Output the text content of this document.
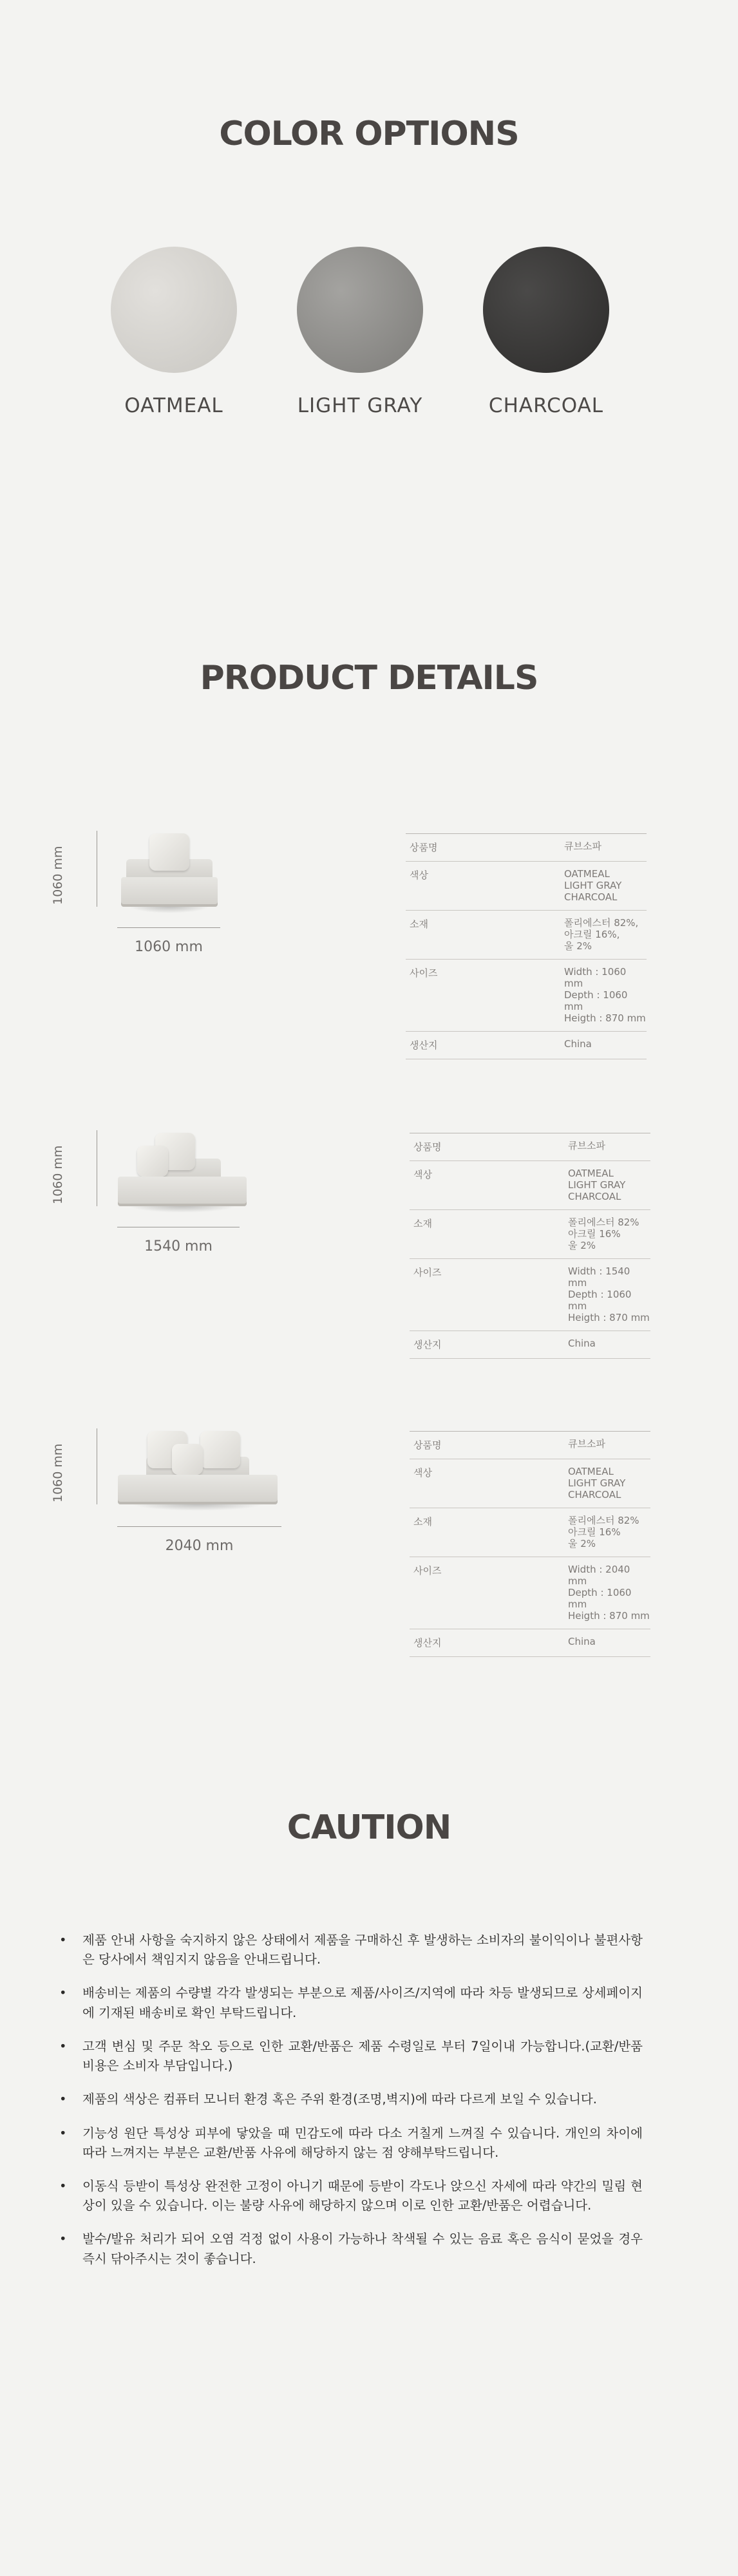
COLOR OPTIONS
OATMEAL	LIGHT GRAY	CHARCOAL
PRODUCT DETAILS
1060 mm
1060 mm
상품명	큐브소파
색상	OATMEAL
LIGHT GRAY
CHARCOAL
소재	폴리에스터 82%,
아크릴 16%,
울 2%
사이즈	Width : 1060 mm
Depth : 1060 mm
Heigth : 870 mm
생산지	China
1060 mm
1540 mm
상품명	큐브소파
색상	OATMEAL
LIGHT GRAY
CHARCOAL
소재	폴리에스터 82%
아크릴 16%
울 2%
사이즈	Width : 1540 mm
Depth : 1060 mm
Heigth : 870 mm
생산지	China
1060 mm
2040 mm
상품명	큐브소파
색상	OATMEAL
LIGHT GRAY
CHARCOAL
소재	폴리에스터 82%
아크릴 16%
울 2%
사이즈	Width : 2040 mm
Depth : 1060 mm
Heigth : 870 mm
생산지	China
CAUTION
• 제품 안내 사항을 숙지하지 않은 상태에서 제품을 구매하신 후 발생하는 소비자의 불이익이나 불편사항은 당사에서 책임지지 않음을 안내드립니다.
• 배송비는 제품의 수량별 각각 발생되는 부분으로 제품/사이즈/지역에 따라 차등 발생되므로 상세페이지에 기재된 배송비로 확인 부탁드립니다.
• 고객 변심 및 주문 착오 등으로 인한 교환/반품은 제품 수령일로 부터 7일이내 가능합니다.(교환/반품 비용은 소비자 부담입니다.)
• 제품의 색상은 컴퓨터 모니터 환경 혹은 주위 환경(조명,벽지)에 따라 다르게 보일 수 있습니다.
• 기능성 원단 특성상 피부에 닿았을 때 민감도에 따라 다소 거칠게 느껴질 수 있습니다. 개인의 차이에 따라 느껴지는 부분은 교환/반품 사유에 해당하지 않는 점 양해부탁드립니다.
• 이동식 등받이 특성상 완전한 고정이 아니기 때문에 등받이 각도나 앉으신 자세에 따라 약간의 밀림 현상이 있을 수 있습니다. 이는 불량 사유에 해당하지 않으며 이로 인한 교환/반품은 어렵습니다.
• 발수/발유 처리가 되어 오염 걱정 없이 사용이 가능하나 착색될 수 있는 음료 혹은 음식이 묻었을 경우 즉시 닦아주시는 것이 좋습니다.
